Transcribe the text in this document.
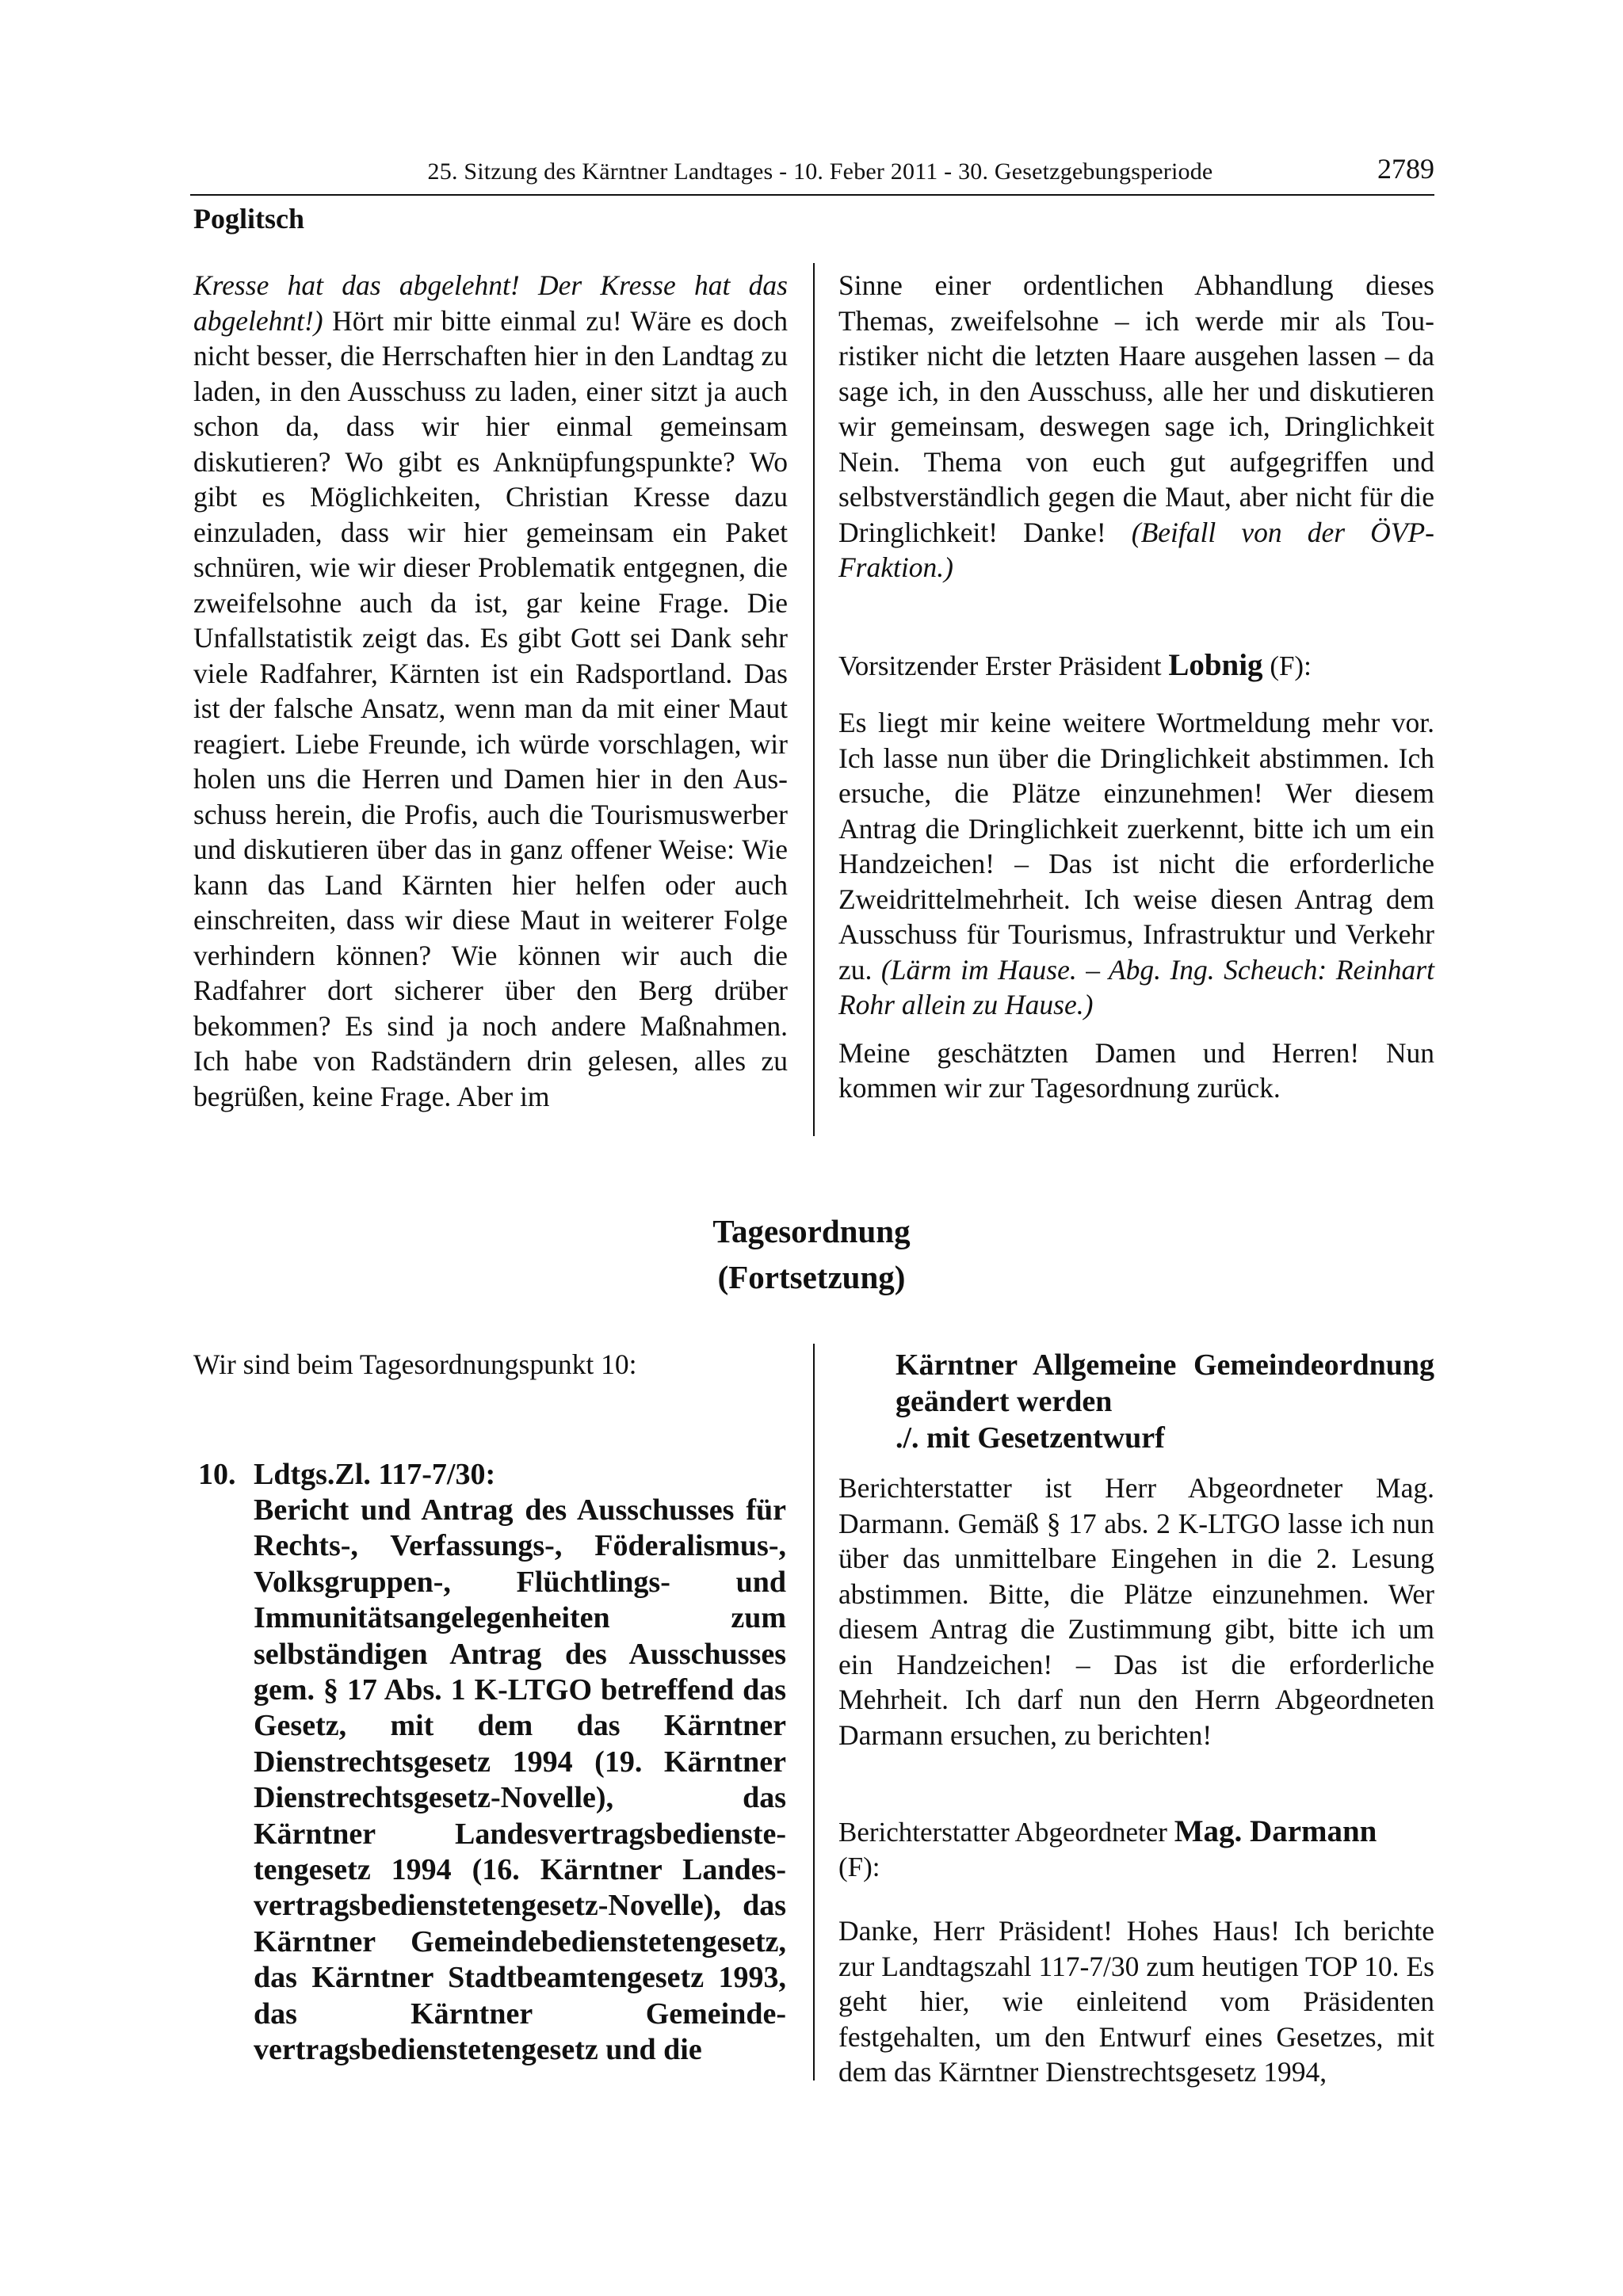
25. Sitzung des Kärntner Landtages - 10. Feber 2011 - 30. Gesetzgebungsperiode	2789
Poglitsch

Kresse hat das abgelehnt! Der Kresse hat das abgelehnt!) Hört mir bitte einmal zu! Wäre es doch nicht besser, die Herrschaften hier in den Landtag zu laden, in den Ausschuss zu laden, einer sitzt ja auch schon da, dass wir hier einmal gemeinsam diskutieren? Wo gibt es Anknüpfungspunkte? Wo gibt es Möglichkeiten, Christian Kresse dazu einzuladen, dass wir hier gemeinsam ein Paket schnüren, wie wir dieser Problematik entgegnen, die zweifelsohne auch da ist, gar keine Frage. Die Unfallstatistik zeigt das. Es gibt Gott sei Dank sehr viele Radfahrer, Kärnten ist ein Radsportland. Das ist der falsche Ansatz, wenn man da mit einer Maut reagiert. Liebe Freunde, ich würde vorschlagen, wir holen uns die Herren und Damen hier in den Ausschuss herein, die Profis, auch die Tourismuswerber und diskutieren über das in ganz offener Weise: Wie kann das Land Kärnten hier helfen oder auch einschreiten, dass wir diese Maut in weiterer Folge verhindern können? Wie können wir auch die Radfahrer dort sicherer über den Berg drüber bekommen? Es sind ja noch andere Maßnahmen. Ich habe von Radständern drin gelesen, alles zu begrüßen, keine Frage. Aber im

Sinne einer ordentlichen Abhandlung dieses Themas, zweifelsohne – ich werde mir als Touristiker nicht die letzten Haare ausgehen lassen – da sage ich, in den Ausschuss, alle her und diskutieren wir gemeinsam, deswegen sage ich, Dringlichkeit Nein. Thema von euch gut aufgegriffen und selbstverständlich gegen die Maut, aber nicht für die Dringlichkeit! Danke! (Beifall von der ÖVP-Fraktion.)

Vorsitzender Erster Präsident Lobnig (F):

Es liegt mir keine weitere Wortmeldung mehr vor. Ich lasse nun über die Dringlichkeit abstimmen. Ich ersuche, die Plätze einzunehmen! Wer diesem Antrag die Dringlichkeit zuerkennt, bitte ich um ein Handzeichen! – Das ist nicht die erforderliche Zweidrittelmehrheit. Ich weise diesen Antrag dem Ausschuss für Tourismus, Infrastruktur und Verkehr zu. (Lärm im Hause. – Abg. Ing. Scheuch: Reinhart Rohr allein zu Hause.)

Meine geschätzten Damen und Herren! Nun kommen wir zur Tagesordnung zurück.

Tagesordnung
(Fortsetzung)

Wir sind beim Tagesordnungspunkt 10:

10. Ldtgs.Zl. 117-7/30:

Bericht und Antrag des Ausschusses für Rechts-, Verfassungs-, Föderalismus-, Volksgruppen-, Flüchtlings- und Immunitätsangelegenheiten zum selbständigen Antrag des Ausschusses gem. § 17 Abs. 1 K-LTGO betreffend das Gesetz, mit dem das Kärntner Dienstrechtsgesetz 1994 (19. Kärntner Dienstrechtsgesetz-Novelle), das Kärntner Landesvertragsbedienstetengesetz 1994 (16. Kärntner Landesvertragsbedienstetengesetz-Novelle), das Kärntner Gemeindebedienstetengesetz, das Kärntner Stadtbeamtengesetz 1993, das Kärntner Gemeindevertragsbedienstetengesetz und die

Kärntner Allgemeine Gemeindeordnung geändert werden

./. mit Gesetzentwurf

Berichterstatter ist Herr Abgeordneter Mag. Darmann. Gemäß § 17 abs. 2 K-LTGO lasse ich nun über das unmittelbare Eingehen in die 2. Lesung abstimmen. Bitte, die Plätze einzunehmen. Wer diesem Antrag die Zustimmung gibt, bitte ich um ein Handzeichen! – Das ist die erforderliche Mehrheit. Ich darf nun den Herrn Abgeordneten Darmann ersuchen, zu berichten!

Berichterstatter Abgeordneter Mag. Darmann
(F):

Danke, Herr Präsident! Hohes Haus! Ich berichte zur Landtagszahl 117-7/30 zum heutigen TOP 10. Es geht hier, wie einleitend vom Präsidenten festgehalten, um den Entwurf eines Gesetzes, mit dem das Kärntner Dienstrechtsgesetz 1994,
